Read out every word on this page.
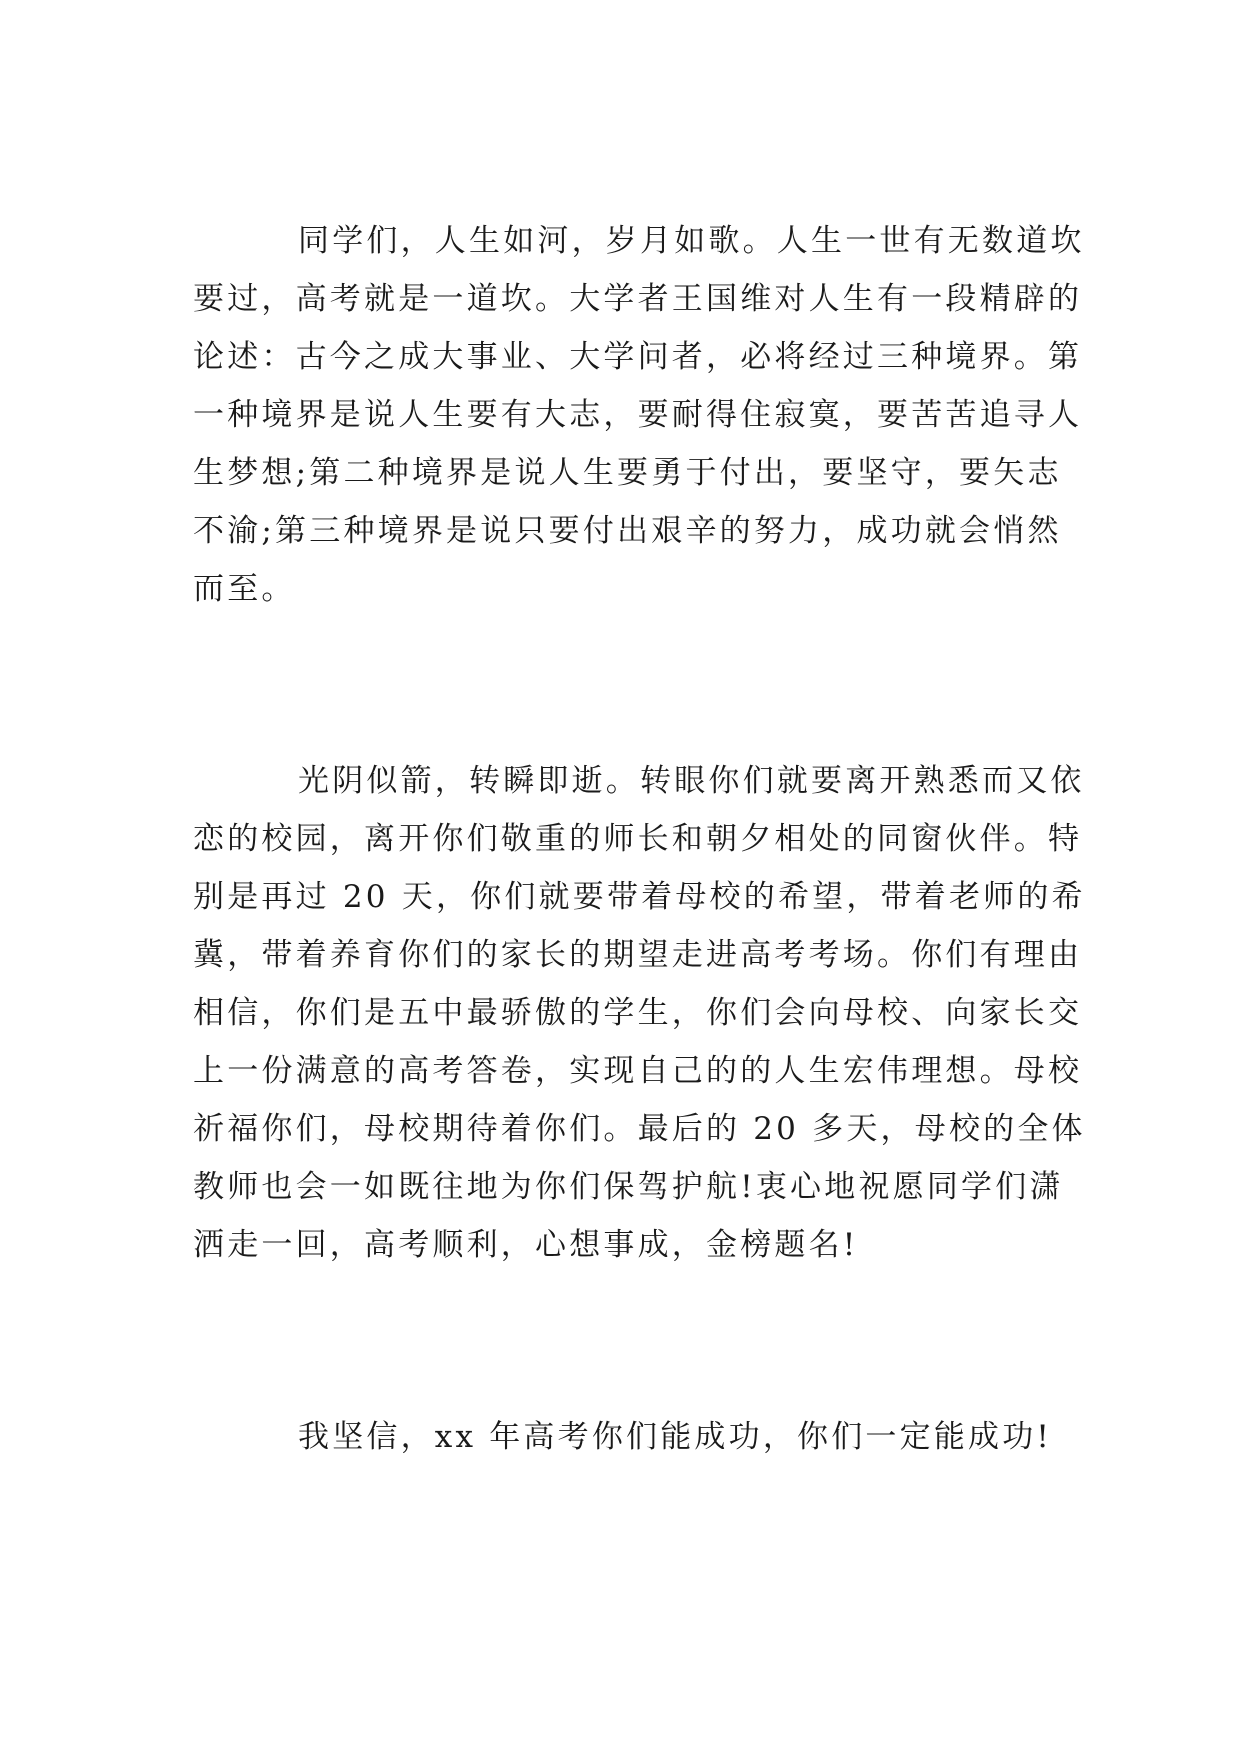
同学们，人生如河，岁月如歌。人生一世有无数道坎
要过，高考就是一道坎。大学者王国维对人生有一段精辟的
论述：古今之成大事业、大学问者，必将经过三种境界。第
一种境界是说人生要有大志，要耐得住寂寞，要苦苦追寻人
生梦想;第二种境界是说人生要勇于付出，要坚守，要矢志
不渝;第三种境界是说只要付出艰辛的努力，成功就会悄然
而至。
光阴似箭，转瞬即逝。转眼你们就要离开熟悉而又依
恋的校园，离开你们敬重的师长和朝夕相处的同窗伙伴。特
别是再过 20 天，你们就要带着母校的希望，带着老师的希
冀，带着养育你们的家长的期望走进高考考场。你们有理由
相信，你们是五中最骄傲的学生，你们会向母校、向家长交
上一份满意的高考答卷，实现自己的的人生宏伟理想。母校
祈福你们，母校期待着你们。最后的 20 多天，母校的全体
教师也会一如既往地为你们保驾护航!衷心地祝愿同学们潇
洒走一回，高考顺利，心想事成，金榜题名!
我坚信，xx 年高考你们能成功，你们一定能成功!
